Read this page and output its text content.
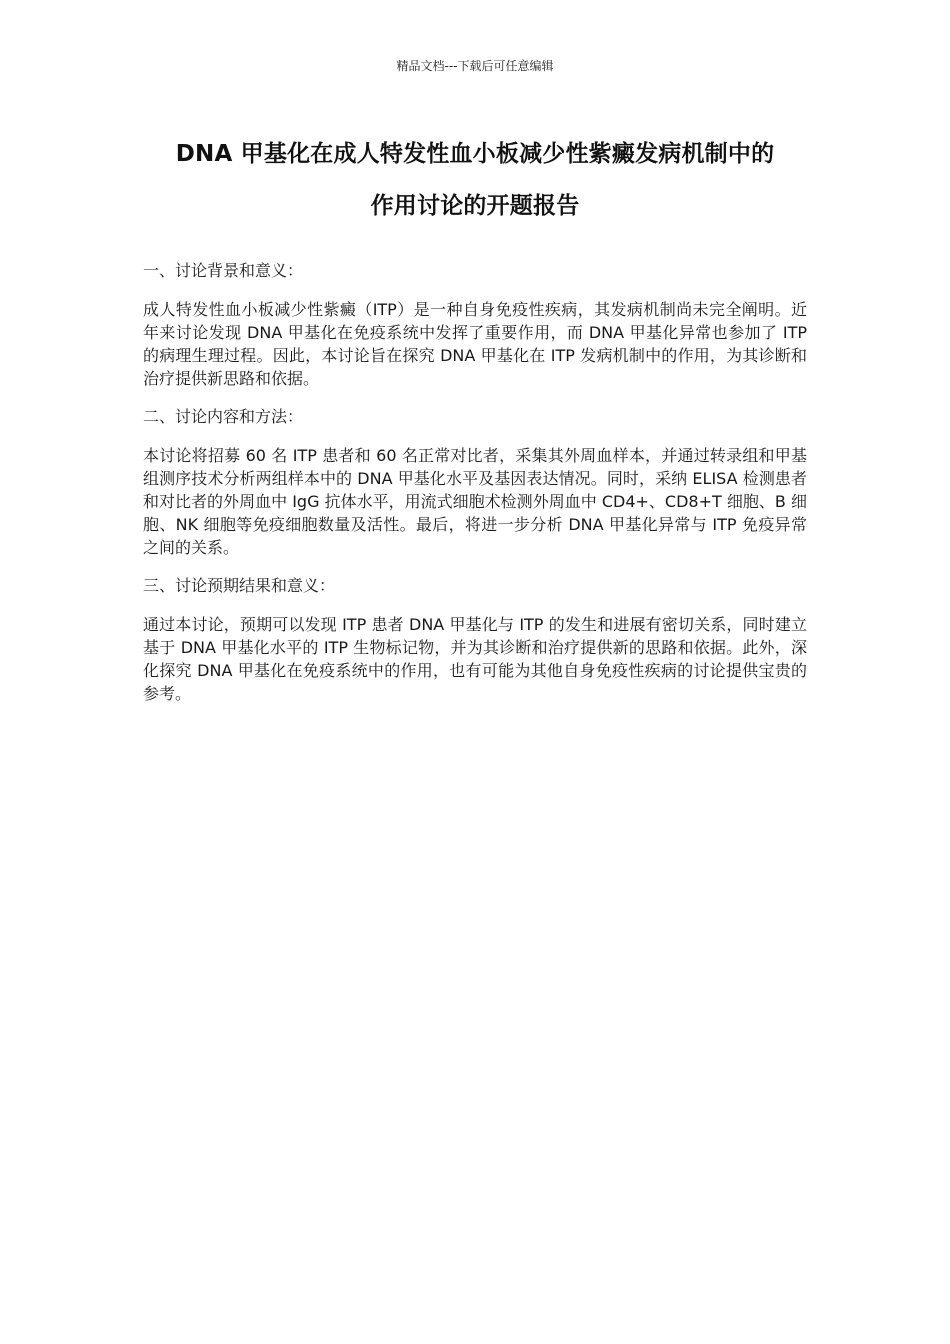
精品文档---下载后可任意编辑
DNA 甲基化在成人特发性血小板减少性紫癜发病机制中的
作用讨论的开题报告

一、讨论背景和意义：

成人特发性血小板减少性紫癜（ITP）是一种自身免疫性疾病，其发病机制尚未完全阐明。近年来讨论发现 DNA 甲基化在免疫系统中发挥了重要作用，而 DNA 甲基化异常也参加了 ITP 的病理生理过程。因此，本讨论旨在探究 DNA 甲基化在 ITP 发病机制中的作用，为其诊断和治疗提供新思路和依据。

二、讨论内容和方法：

本讨论将招募 60 名 ITP 患者和 60 名正常对比者，采集其外周血样本，并通过转录组和甲基组测序技术分析两组样本中的 DNA 甲基化水平及基因表达情况。同时，采纳 ELISA 检测患者和对比者的外周血中 IgG 抗体水平，用流式细胞术检测外周血中 CD4+、CD8+T 细胞、B 细胞、NK 细胞等免疫细胞数量及活性。最后，将进一步分析 DNA 甲基化异常与 ITP 免疫异常之间的关系。

三、讨论预期结果和意义：

通过本讨论，预期可以发现 ITP 患者 DNA 甲基化与 ITP 的发生和进展有密切关系，同时建立基于 DNA 甲基化水平的 ITP 生物标记物，并为其诊断和治疗提供新的思路和依据。此外，深化探究 DNA 甲基化在免疫系统中的作用，也有可能为其他自身免疫性疾病的讨论提供宝贵的参考。
